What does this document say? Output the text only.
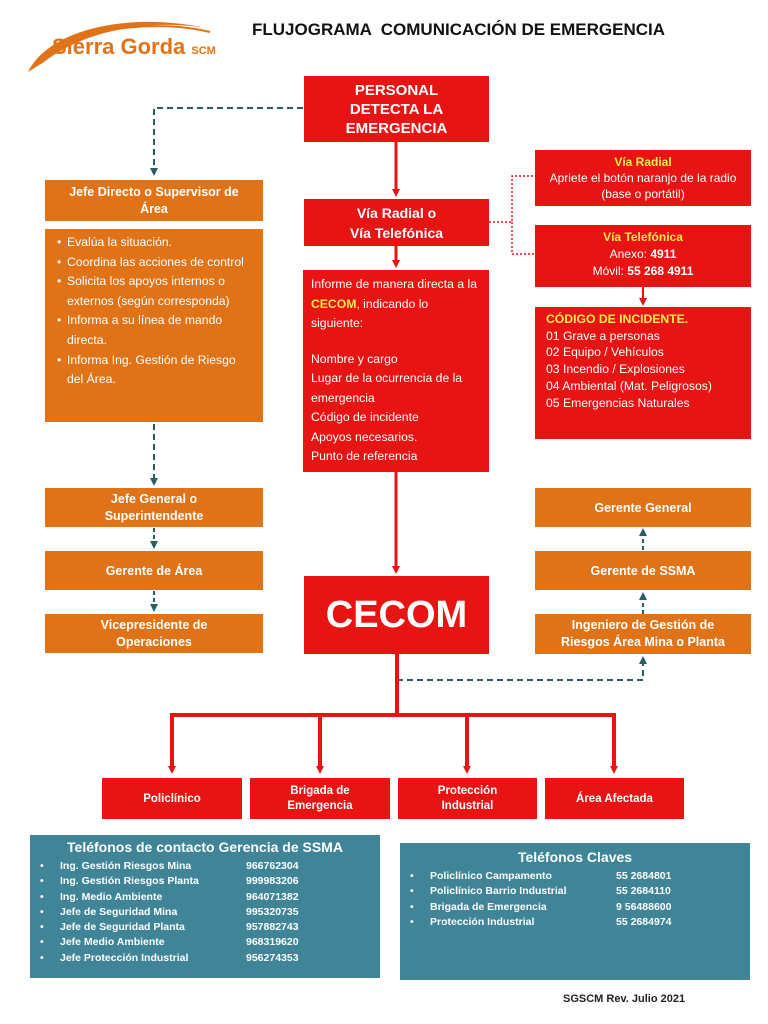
Sierra Gorda SCM
FLUJOGRAMA  COMUNICACIÓN DE EMERGENCIA
PERSONAL
DETECTA LA
EMERGENCIA
Vía Radial o
Vía Telefónica
Informe de manera directa a la CECOM, indicando lo siguiente:
Nombre y cargo
Lugar de la ocurrencia de la emergencia
Código de incidente
Apoyos necesarios.
Punto de referencia
Vía Radial
Apriete el botón naranjo de la radio (base o portátil)
Vía Telefónica
Anexo: 4911
Móvil: 55 268 4911
CÓDIGO DE INCIDENTE.
01 Grave a personas
02 Equipo / Vehículos
03 Incendio / Explosiones
04 Ambiental (Mat. Peligrosos)
05 Emergencias Naturales
Jefe Directo o Supervisor de
Área
• Evalúa la situación.
• Coordina las acciones de control
• Solicita los apoyos internos o externos (según corresponda)
• Informa a su línea de mando directa.
• Informa Ing. Gestión de Riesgo del Área.
Jefe General o
Superintendente
Gerente de Área
Vicepresidente de
Operaciones
Gerente General
Gerente de SSMA
Ingeniero de Gestión de
Riesgos Área Mina o Planta
CECOM
Policlínico
Brigada de
Emergencia
Protección
Industrial
Área Afectada
Teléfonos de contacto Gerencia de SSMA
•	Ing. Gestión Riesgos Mina	966762304
•	Ing. Gestión Riesgos Planta	999983206
•	Ing. Medio Ambiente	964071382
•	Jefe de Seguridad Mina	995320735
•	Jefe de Seguridad Planta	957882743
•	Jefe Medio Ambiente	968319620
•	Jefe Protección Industrial	956274353
Teléfonos Claves
•	Policlínico Campamento	55 2684801
•	Policlínico Barrio Industrial	55 2684110
•	Brigada de Emergencia	9 56488600
•	Protección Industrial	55 2684974
SGSCM Rev. Julio 2021
